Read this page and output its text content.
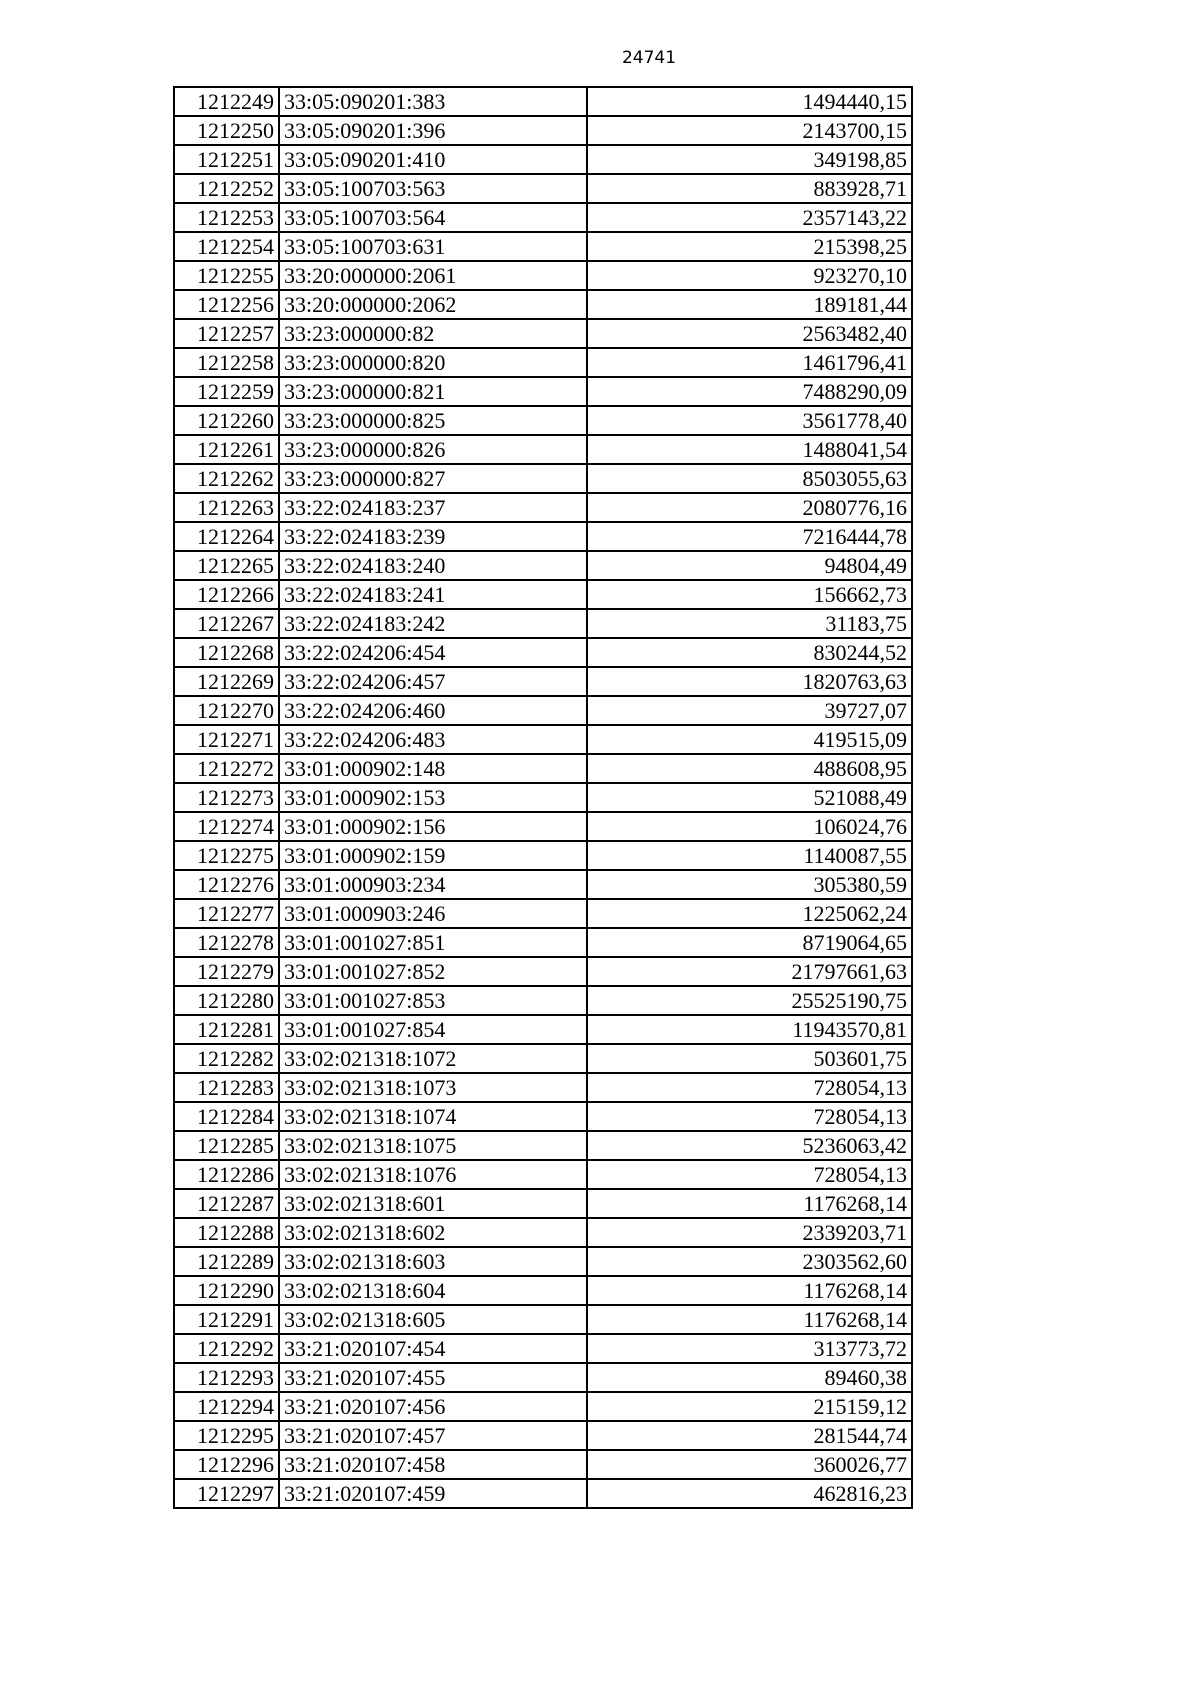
24741
1212249	33:05:090201:383	1494440,15
1212250	33:05:090201:396	2143700,15
1212251	33:05:090201:410	349198,85
1212252	33:05:100703:563	883928,71
1212253	33:05:100703:564	2357143,22
1212254	33:05:100703:631	215398,25
1212255	33:20:000000:2061	923270,10
1212256	33:20:000000:2062	189181,44
1212257	33:23:000000:82	2563482,40
1212258	33:23:000000:820	1461796,41
1212259	33:23:000000:821	7488290,09
1212260	33:23:000000:825	3561778,40
1212261	33:23:000000:826	1488041,54
1212262	33:23:000000:827	8503055,63
1212263	33:22:024183:237	2080776,16
1212264	33:22:024183:239	7216444,78
1212265	33:22:024183:240	94804,49
1212266	33:22:024183:241	156662,73
1212267	33:22:024183:242	31183,75
1212268	33:22:024206:454	830244,52
1212269	33:22:024206:457	1820763,63
1212270	33:22:024206:460	39727,07
1212271	33:22:024206:483	419515,09
1212272	33:01:000902:148	488608,95
1212273	33:01:000902:153	521088,49
1212274	33:01:000902:156	106024,76
1212275	33:01:000902:159	1140087,55
1212276	33:01:000903:234	305380,59
1212277	33:01:000903:246	1225062,24
1212278	33:01:001027:851	8719064,65
1212279	33:01:001027:852	21797661,63
1212280	33:01:001027:853	25525190,75
1212281	33:01:001027:854	11943570,81
1212282	33:02:021318:1072	503601,75
1212283	33:02:021318:1073	728054,13
1212284	33:02:021318:1074	728054,13
1212285	33:02:021318:1075	5236063,42
1212286	33:02:021318:1076	728054,13
1212287	33:02:021318:601	1176268,14
1212288	33:02:021318:602	2339203,71
1212289	33:02:021318:603	2303562,60
1212290	33:02:021318:604	1176268,14
1212291	33:02:021318:605	1176268,14
1212292	33:21:020107:454	313773,72
1212293	33:21:020107:455	89460,38
1212294	33:21:020107:456	215159,12
1212295	33:21:020107:457	281544,74
1212296	33:21:020107:458	360026,77
1212297	33:21:020107:459	462816,23
